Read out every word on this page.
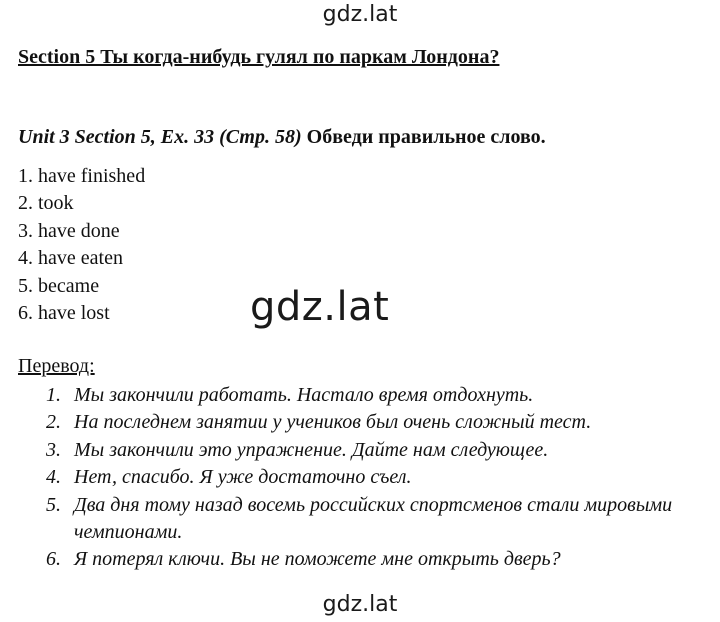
gdz.lat
Section 5 Ты когда-нибудь гулял по паркам Лондона?
Unit 3 Section 5, Ex. 33 (Стр. 58) Обведи правильное слово.
1. have finished
2. took
3. have done
4. have eaten
5. became
6. have lost	gdz.lat
Перевод:
1. Мы закончили работать. Настало время отдохнуть.
2. На последнем занятии у учеников был очень сложный тест.
3. Мы закончили это упражнение. Дайте нам следующее.
4. Нет, спасибо. Я уже достаточно съел.
5. Два дня тому назад восемь российских спортсменов стали мировыми чемпионами.
6. Я потерял ключи. Вы не поможете мне открыть дверь?
gdz.lat
